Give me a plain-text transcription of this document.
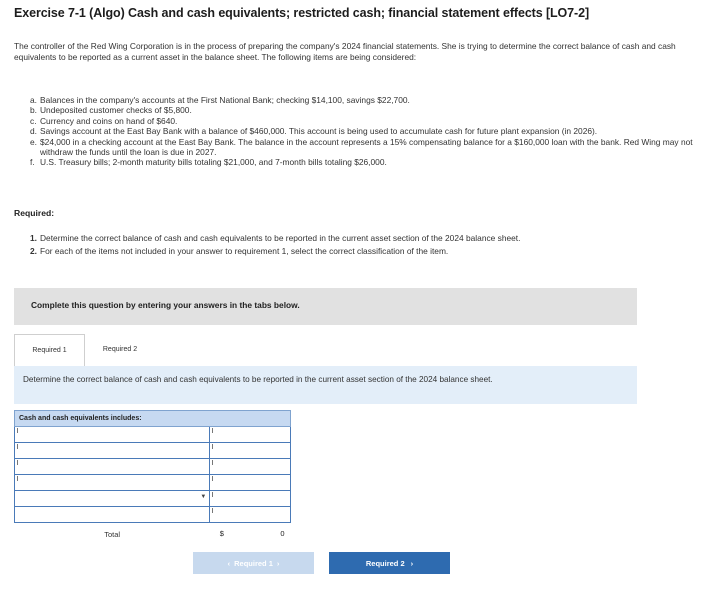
Exercise 7-1 (Algo) Cash and cash equivalents; restricted cash; financial statement effects [LO7-2]
The controller of the Red Wing Corporation is in the process of preparing the company's 2024 financial statements. She is trying to determine the correct balance of cash and cash equivalents to be reported as a current asset in the balance sheet. The following items are being considered:
a. Balances in the company's accounts at the First National Bank; checking $14,100, savings $22,700.
b. Undeposited customer checks of $5,800.
c. Currency and coins on hand of $640.
d. Savings account at the East Bay Bank with a balance of $460,000. This account is being used to accumulate cash for future plant expansion (in 2026).
e. $24,000 in a checking account at the East Bay Bank. The balance in the account represents a 15% compensating balance for a $160,000 loan with the bank. Red Wing may not withdraw the funds until the loan is due in 2027.
f. U.S. Treasury bills; 2-month maturity bills totaling $21,000, and 7-month bills totaling $26,000.
Required:
1. Determine the correct balance of cash and cash equivalents to be reported in the current asset section of the 2024 balance sheet.
2. For each of the items not included in your answer to requirement 1, select the correct classification of the item.
Complete this question by entering your answers in the tabs below.
Required 1	Required 2
Determine the correct balance of cash and cash equivalents to be reported in the current asset section of the 2024 balance sheet.
Cash and cash equivalents includes:	

▼	

Total	$ 0
‹ Required 1 ›	Required 2 ›
